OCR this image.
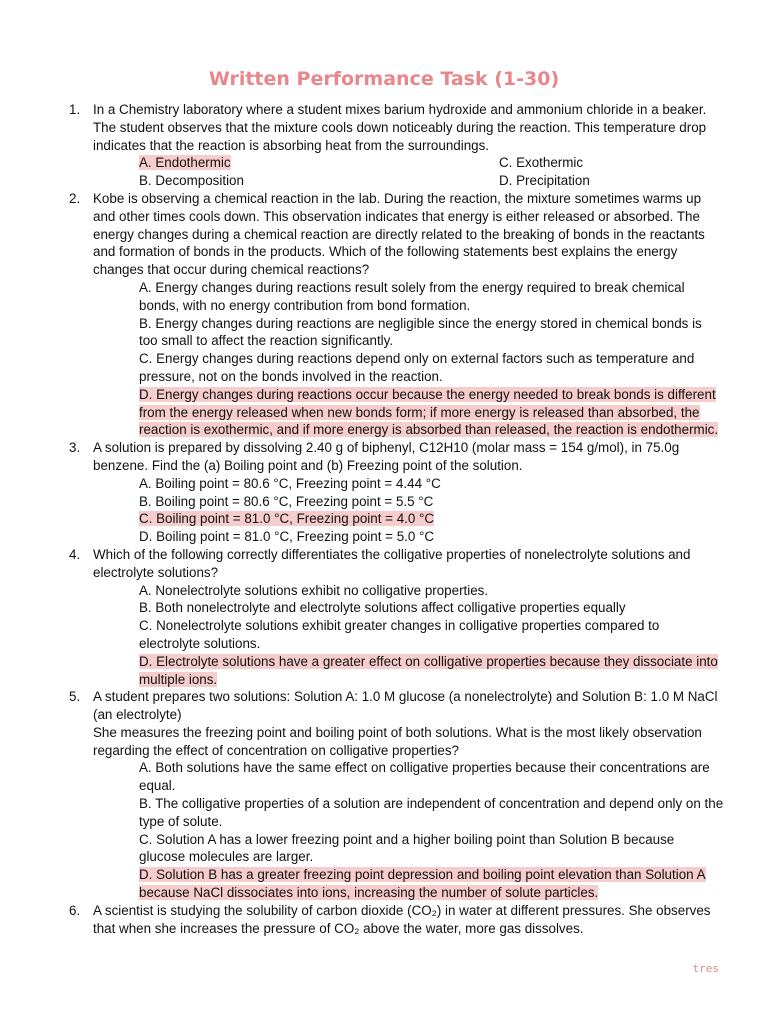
Written Performance Task (1-30)
1. In a Chemistry laboratory where a student mixes barium hydroxide and ammonium chloride in a beaker. The student observes that the mixture cools down noticeably during the reaction. This temperature drop indicates that the reaction is absorbing heat from the surroundings.
A. Endothermic	C. Exothermic
B. Decomposition	D. Precipitation
2. Kobe is observing a chemical reaction in the lab. During the reaction, the mixture sometimes warms up and other times cools down. This observation indicates that energy is either released or absorbed. The energy changes during a chemical reaction are directly related to the breaking of bonds in the reactants and formation of bonds in the products. Which of the following statements best explains the energy changes that occur during chemical reactions?
A. Energy changes during reactions result solely from the energy required to break chemical bonds, with no energy contribution from bond formation.
B. Energy changes during reactions are negligible since the energy stored in chemical bonds is too small to affect the reaction significantly.
C. Energy changes during reactions depend only on external factors such as temperature and pressure, not on the bonds involved in the reaction.
D. Energy changes during reactions occur because the energy needed to break bonds is different from the energy released when new bonds form; if more energy is released than absorbed, the reaction is exothermic, and if more energy is absorbed than released, the reaction is endothermic.
3. A solution is prepared by dissolving 2.40 g of biphenyl, C12H10 (molar mass = 154 g/mol), in 75.0g benzene. Find the (a) Boiling point and (b) Freezing point of the solution.
A. Boiling point = 80.6 °C, Freezing point = 4.44 °C
B. Boiling point = 80.6 °C, Freezing point = 5.5 °C
C. Boiling point = 81.0 °C, Freezing point = 4.0 °C
D. Boiling point = 81.0 °C, Freezing point = 5.0 °C
4. Which of the following correctly differentiates the colligative properties of nonelectrolyte solutions and electrolyte solutions?
A. Nonelectrolyte solutions exhibit no colligative properties.
B. Both nonelectrolyte and electrolyte solutions affect colligative properties equally
C. Nonelectrolyte solutions exhibit greater changes in colligative properties compared to electrolyte solutions.
D. Electrolyte solutions have a greater effect on colligative properties because they dissociate into multiple ions.
5. A student prepares two solutions: Solution A: 1.0 M glucose (a nonelectrolyte) and Solution B: 1.0 M NaCl (an electrolyte)
She measures the freezing point and boiling point of both solutions. What is the most likely observation regarding the effect of concentration on colligative properties?
A. Both solutions have the same effect on colligative properties because their concentrations are equal.
B. The colligative properties of a solution are independent of concentration and depend only on the type of solute.
C. Solution A has a lower freezing point and a higher boiling point than Solution B because glucose molecules are larger.
D. Solution B has a greater freezing point depression and boiling point elevation than Solution A because NaCl dissociates into ions, increasing the number of solute particles.
6. A scientist is studying the solubility of carbon dioxide (CO₂) in water at different pressures. She observes that when she increases the pressure of CO₂ above the water, more gas dissolves.
tres
